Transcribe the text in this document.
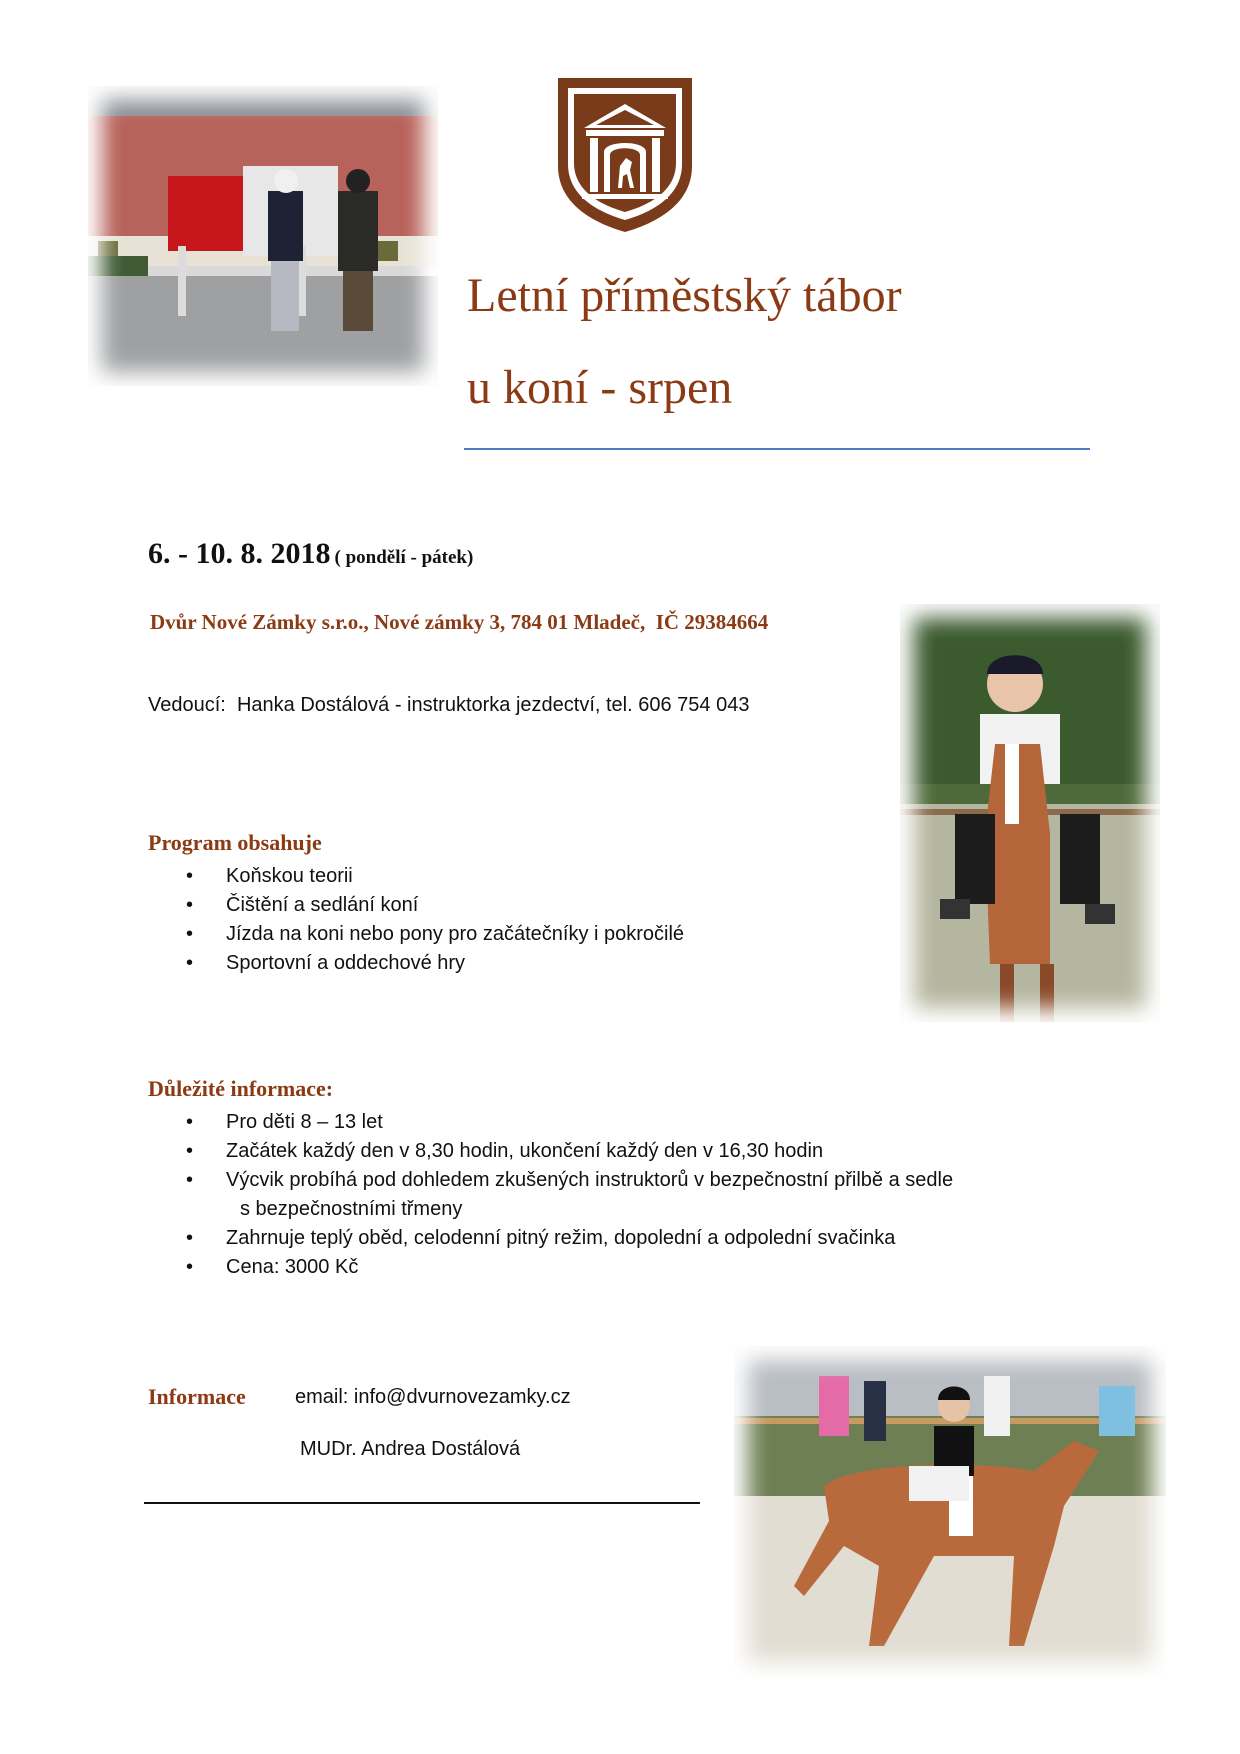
Letní příměstský tábor
u koní - srpen
6. - 10. 8. 2018 ( pondělí - pátek)
Dvůr Nové Zámky s.r.o., Nové zámky 3, 784 01 Mladeč,  IČ 29384664
Vedoucí:  Hanka Dostálová - instruktorka jezdectví, tel. 606 754 043
Program obsahuje
• Koňskou teorii
• Čištění a sedlání koní
• Jízda na koni nebo pony pro začátečníky i pokročilé
• Sportovní a oddechové hry
Důležité informace:
• Pro děti 8 – 13 let
• Začátek každý den v 8,30 hodin, ukončení každý den v 16,30 hodin
• Výcvik probíhá pod dohledem zkušených instruktorů v bezpečnostní přilbě a sedle
s bezpečnostními třmeny
• Zahrnuje teplý oběd, celodenní pitný režim, dopolední a odpolední svačinka
• Cena: 3000 Kč
Informace email: info@dvurnovezamky.cz
MUDr. Andrea Dostálová
